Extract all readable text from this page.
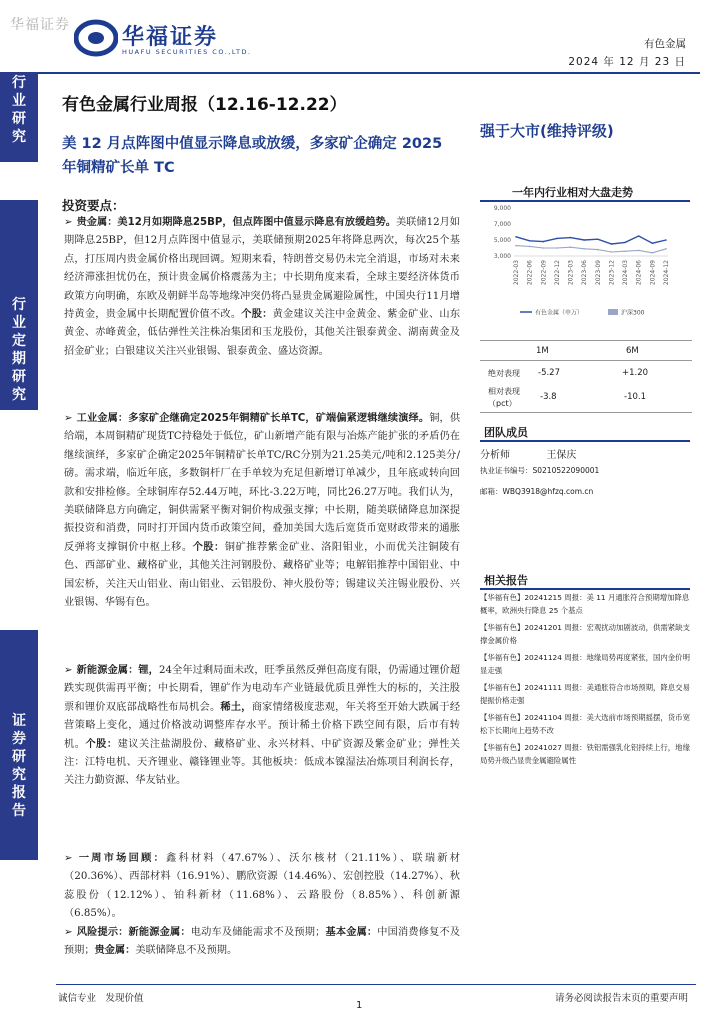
华福证券 华福证券
HUAFU SECURITIES CO.,LTD.
有色金属
2024 年 12 月 23 日
行业研究
行业定期研究
证券研究报告
有色金属行业周报（12.16-12.22）
美 12 月点阵图中值显示降息或放缓，多家矿企确定 2025 年铜精矿长单 TC
投资要点：
➢ 贵金属：美12月如期降息25BP，但点阵图中值显示降息有放缓趋势。美联储12月如期降息25BP，但12月点阵图中值显示，美联储预期2025年将降息两次，每次25个基点，打压周内贵金属价格出现回调。短期来看，特朗普交易仍未完全消退，市场对未来经济滞涨担忧仍在，预计贵金属价格震荡为主；中长期角度来看，全球主要经济体货币政策方向明确，东欧及朝鲜半岛等地缘冲突仍将凸显贵金属避险属性，中国央行11月增持黄金，贵金属中长期配置价值不改。个股：黄金建议关注中金黄金、紫金矿业、山东黄金、赤峰黄金，低估弹性关注株冶集团和玉龙股份，其他关注银泰黄金、湖南黄金及招金矿业；白银建议关注兴业银锡、银泰黄金、盛达资源。
➢ 工业金属：多家矿企继确定2025年铜精矿长单TC，矿端偏紧逻辑继续演绎。铜，供给端，本周铜精矿现货TC持稳处于低位，矿山新增产能有限与冶炼产能扩张的矛盾仍在继续演绎，多家矿企确定2025年铜精矿长单TC/RC分别为21.25美元/吨和2.125美分/磅。需求端，临近年底，多数铜杆厂在手单较为充足但新增订单减少，且年底或转向回款和安排检修。全球铜库存52.44万吨，环比-3.22万吨，同比26.27万吨。我们认为，美联储降息方向确定，铜供需紧平衡对铜价构成强支撑；中长期，随美联储降息加深提振投资和消费，同时打开国内货币政策空间，叠加美国大选后宽货币宽财政带来的通胀反弹将支撑铜价中枢上移。个股：铜矿推荐紫金矿业、洛阳钼业，小而优关注铜陵有色、西部矿业、藏格矿业，其他关注河钢股份、藏格矿业等；电解铝推荐中国铝业、中国宏桥，关注天山铝业、南山铝业、云铝股份、神火股份等；锡建议关注锡业股份、兴业银锡、华锡有色。
➢ 新能源金属：锂，24全年过剩局面未改，旺季虽然反弹但高度有限，仍需通过锂价超跌实现供需再平衡；中长期看，锂矿作为电动车产业链最优质且弹性大的标的，关注股票和锂价双底部战略性布局机会。稀土，商家情绪极度悲观，年关将至开始大跌属于经营策略上变化，通过价格波动调整库存水平。预计稀土价格下跌空间有限，后市有转机。个股：建议关注盐湖股份、藏格矿业、永兴材料、中矿资源及紫金矿业；弹性关注：江特电机、天齐锂业、赣锋锂业等。其他板块：低成本镍湿法冶炼项目利润长存，关注力勤资源、华友钴业。
➢ 一周市场回顾：鑫科材料（47.67%）、沃尔核材（21.11%）、联瑞新材（20.36%）、西部材料（16.91%）、鹏欣资源（14.46%）、宏创控股（14.27%）、秋蕊股份（12.12%）、铂科新材（11.68%）、云路股份（8.85%）、科创新源（6.85%）。
➢ 风险提示：新能源金属：电动车及储能需求不及预期；基本金属：中国消费修复不及预期；贵金属：美联储降息不及预期。
强于大市(维持评级)
一年内行业相对大盘走势
9,000
7,000
5,000
3,000
2022-03 2022-06 2022-09 2022-12 2023-03 2023-06 2023-09 2023-12 2024-03 2024-06 2024-09 2024-12
有色金属（申万）	沪深300
1M	6M
绝对表现 -5.27	+1.20
相对表现（pct）
-3.8	-10.1
团队成员
分析师	王保庆
执业证书编号：S0210522090001
邮箱：WBQ3918@hfzq.com.cn
相关报告
【华福有色】20241215 周报：美 11 月通胀符合预期增加降息概率，欧洲央行降息 25 个基点
【华福有色】20241201 周报：宏观扰动加剧波动，供需紧缺支撑金属价格
【华福有色】20241124 周报：地缘局势再度紧张，国内金价明显走强
【华福有色】20241111 周报：美通胀符合市场预期，降息交易提振价格走强
【华福有色】20241104 周报：美大选前市场预期摇摆，货币宽松下长期向上趋势不改
【华福有色】20241027 周报：铁铝需强乳化铝持续上行，地缘局势升级凸显贵金属避险属性
诚信专业　发现价值
1
请务必阅读报告末页的重要声明
